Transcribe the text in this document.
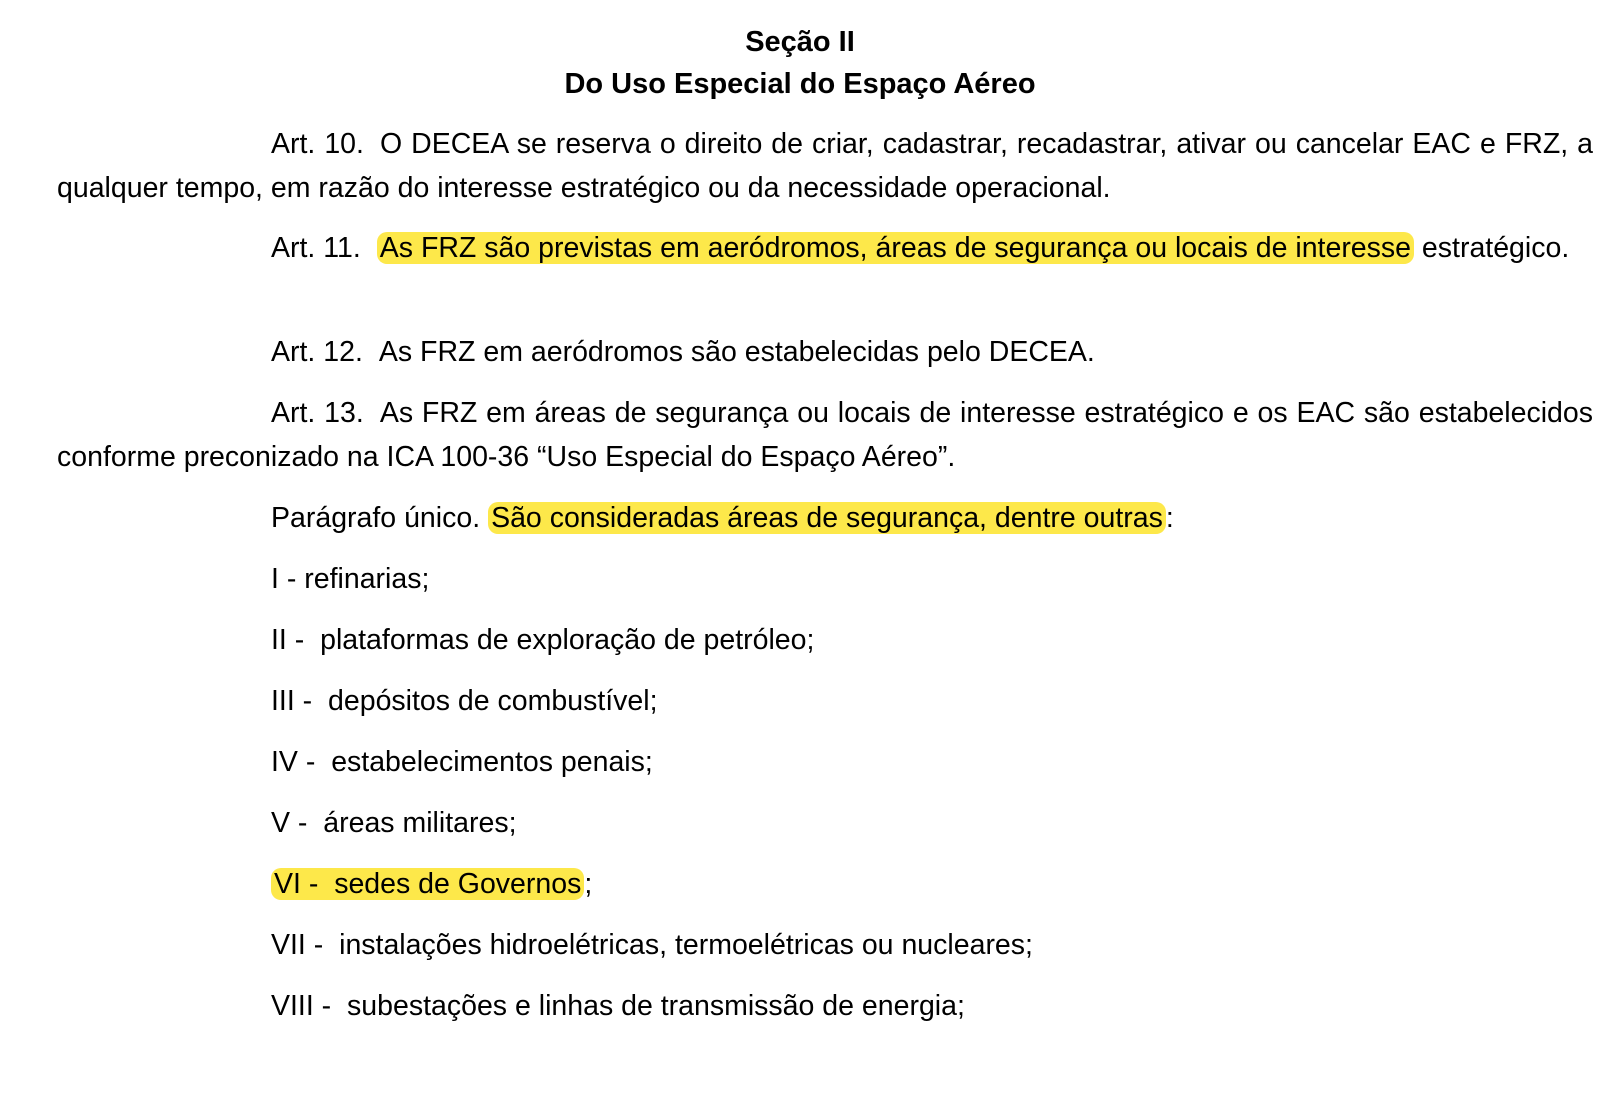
Seção II
Do Uso Especial do Espaço Aéreo
Art. 10. O DECEA se reserva o direito de criar, cadastrar, recadastrar, ativar ou cancelar EAC e FRZ, a qualquer tempo, em razão do interesse estratégico ou da necessidade operacional.
Art. 11. As FRZ são previstas em aeródromos, áreas de segurança ou locais de interesse estratégico.
Art. 12. As FRZ em aeródromos são estabelecidas pelo DECEA.
Art. 13. As FRZ em áreas de segurança ou locais de interesse estratégico e os EAC são estabelecidos conforme preconizado na ICA 100-36 “Uso Especial do Espaço Aéreo”.
Parágrafo único. São consideradas áreas de segurança, dentre outras :
I - refinarias;
II - plataformas de exploração de petróleo;
III - depósitos de combustível;
IV - estabelecimentos penais;
V - áreas militares;
VI - sedes de Governos ;
VII - instalações hidroelétricas, termoelétricas ou nucleares;
VIII - subestações e linhas de transmissão de energia;
